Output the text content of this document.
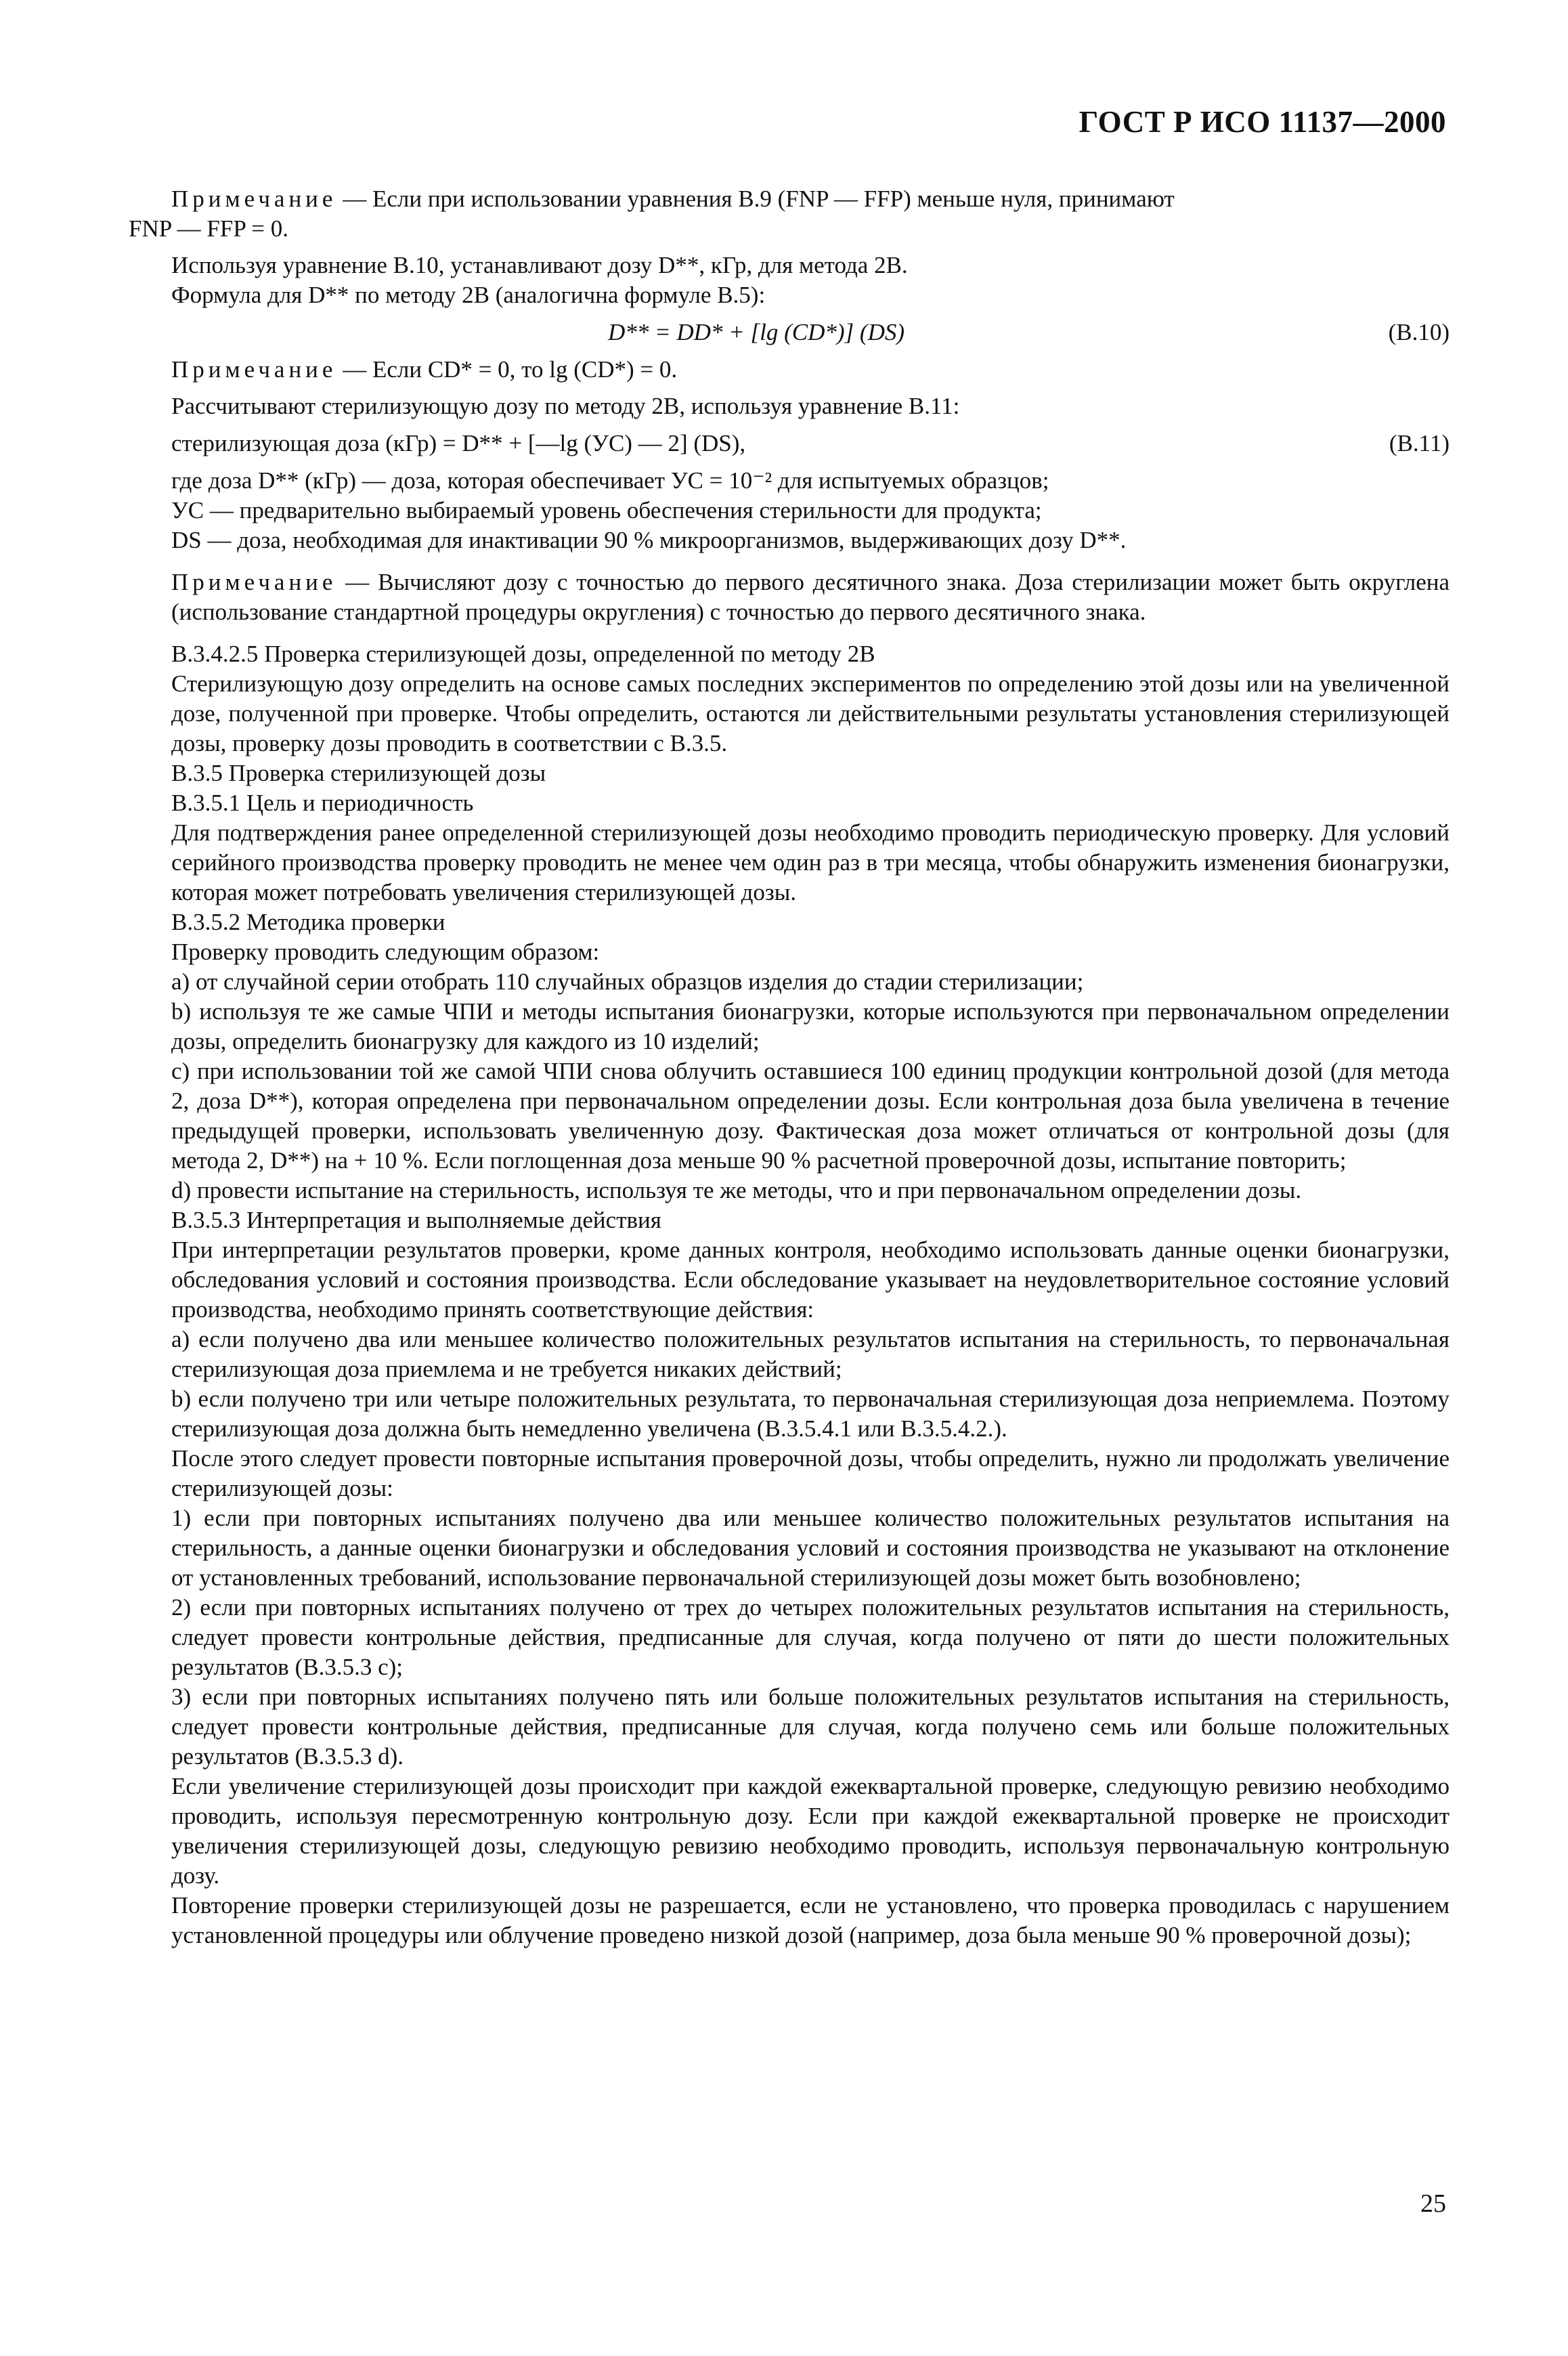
ГОСТ Р ИСО 11137—2000

Примечание — Если при использовании уравнения В.9 (FNP — FFP) меньше нуля, принимают

FNP — FFP = 0.

Используя уравнение В.10, устанавливают дозу D**, кГр, для метода 2В.

Формула для D** по методу 2В (аналогична формуле В.5):

D** = DD* + [lg (CD*)] (DS)	(В.10)

Примечание — Если CD* = 0, то lg (CD*) = 0.

Рассчитывают стерилизующую дозу по методу 2В, используя уравнение В.11:

стерилизующая доза (кГр) = D** + [—lg (УС) — 2] (DS),	(В.11)

где доза D** (кГр) — доза, которая обеспечивает УС = 10⁻² для испытуемых образцов;

УС — предварительно выбираемый уровень обеспечения стерильности для продукта;

DS — доза, необходимая для инактивации 90 % микроорганизмов, выдерживающих дозу D**.

Примечание — Вычисляют дозу с точностью до первого десятичного знака. Доза стерилизации может быть округлена (использование стандартной процедуры округления) с точностью до первого десятичного знака.

В.3.4.2.5 Проверка стерилизующей дозы, определенной по методу 2В

Стерилизующую дозу определить на основе самых последних экспериментов по определению этой дозы или на увеличенной дозе, полученной при проверке. Чтобы определить, остаются ли действительными результаты установления стерилизующей дозы, проверку дозы проводить в соответствии с В.3.5.

В.3.5 Проверка стерилизующей дозы

В.3.5.1 Цель и периодичность

Для подтверждения ранее определенной стерилизующей дозы необходимо проводить периодическую проверку. Для условий серийного производства проверку проводить не менее чем один раз в три месяца, чтобы обнаружить изменения бионагрузки, которая может потребовать увеличения стерилизующей дозы.

В.3.5.2 Методика проверки

Проверку проводить следующим образом:

a) от случайной серии отобрать 110 случайных образцов изделия до стадии стерилизации;

b) используя те же самые ЧПИ и методы испытания бионагрузки, которые используются при первоначальном определении дозы, определить бионагрузку для каждого из 10 изделий;

c) при использовании той же самой ЧПИ снова облучить оставшиеся 100 единиц продукции контрольной дозой (для метода 2, доза D**), которая определена при первоначальном определении дозы. Если контрольная доза была увеличена в течение предыдущей проверки, использовать увеличенную дозу. Фактическая доза может отличаться от контрольной дозы (для метода 2, D**) на + 10 %. Если поглощенная доза меньше 90 % расчетной проверочной дозы, испытание повторить;

d) провести испытание на стерильность, используя те же методы, что и при первоначальном определении дозы.

В.3.5.3 Интерпретация и выполняемые действия

При интерпретации результатов проверки, кроме данных контроля, необходимо использовать данные оценки бионагрузки, обследования условий и состояния производства. Если обследование указывает на неудовлетворительное состояние условий производства, необходимо принять соответствующие действия:

a) если получено два или меньшее количество положительных результатов испытания на стерильность, то первоначальная стерилизующая доза приемлема и не требуется никаких действий;

b) если получено три или четыре положительных результата, то первоначальная стерилизующая доза неприемлема. Поэтому стерилизующая доза должна быть немедленно увеличена (В.3.5.4.1 или В.3.5.4.2.).

После этого следует провести повторные испытания проверочной дозы, чтобы определить, нужно ли продолжать увеличение стерилизующей дозы:

1) если при повторных испытаниях получено два или меньшее количество положительных результатов испытания на стерильность, а данные оценки бионагрузки и обследования условий и состояния производства не указывают на отклонение от установленных требований, использование первоначальной стерилизующей дозы может быть возобновлено;

2) если при повторных испытаниях получено от трех до четырех положительных результатов испытания на стерильность, следует провести контрольные действия, предписанные для случая, когда получено от пяти до шести положительных результатов (В.3.5.3 c);

3) если при повторных испытаниях получено пять или больше положительных результатов испытания на стерильность, следует провести контрольные действия, предписанные для случая, когда получено семь или больше положительных результатов (В.3.5.3 d).

Если увеличение стерилизующей дозы происходит при каждой ежеквартальной проверке, следующую ревизию необходимо проводить, используя пересмотренную контрольную дозу. Если при каждой ежеквартальной проверке не происходит увеличения стерилизующей дозы, следующую ревизию необходимо проводить, используя первоначальную контрольную дозу.

Повторение проверки стерилизующей дозы не разрешается, если не установлено, что проверка проводилась с нарушением установленной процедуры или облучение проведено низкой дозой (например, доза была меньше 90 % проверочной дозы);

25
